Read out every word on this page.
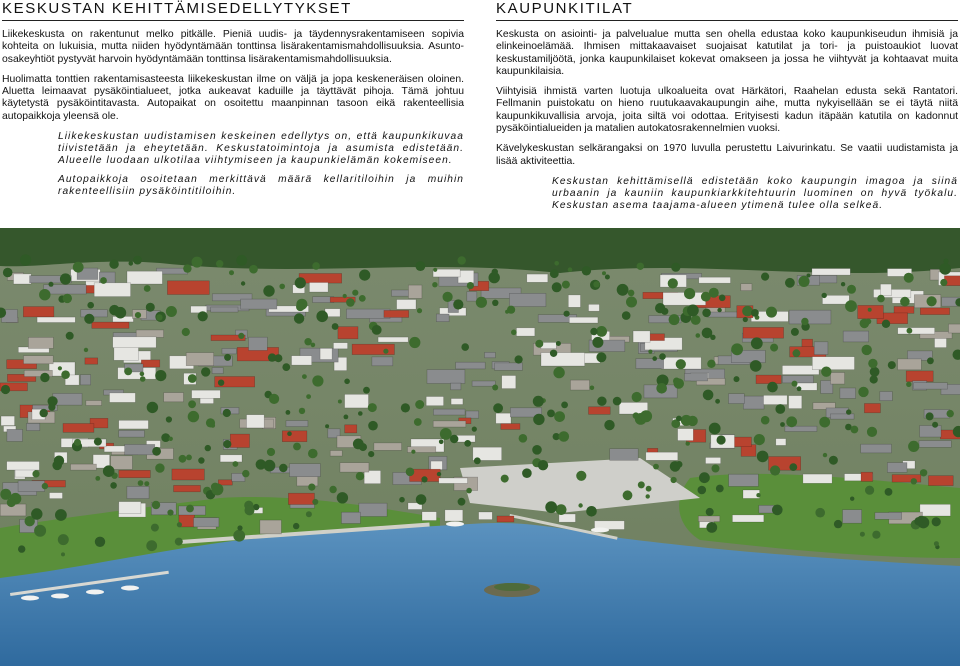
KESKUSTAN KEHITTÄMISEDELLYTYKSET

Liikekeskusta on rakentunut melko pitkälle. Pieniä uudis- ja täydennysrakentamiseen sopivia kohteita on lukuisia, mutta niiden hyödyntämään tonttinsa lisärakentamismahdollisuuksia. Asunto-osakeyhtiöt pystyvät harvoin hyödyntämään tonttinsa lisärakentamismahdollisuuksia.

Huolimatta tonttien rakentamisasteesta liikekeskustan ilme on väljä ja jopa keskeneräisen oloinen. Aluetta leimaavat pysäköintialueet, jotka aukeavat kaduille ja täyttävät pihoja. Tämä johtuu käytetystä pysäköintitavasta. Autopaikat on osoitettu maanpinnan tasoon eikä rakenteellisia autopaikkoja yleensä ole.

Liikekeskustan uudistamisen keskeinen edellytys on, että kaupunkikuvaa tiivistetään ja eheytetään. Keskustatoimintoja ja asumista edistetään. Alueelle luodaan ulkotilaa viihtymiseen ja kaupunkielämän kokemiseen.

Autopaikkoja osoitetaan merkittävä määrä kellaritiloihin ja muihin rakenteellisiin pysäköintitiloihin.

KAUPUNKITILAT

Keskusta on asiointi- ja palvelualue mutta sen ohella edustaa koko kaupunkiseudun ihmisiä ja elinkeinoelämää. Ihmisen mittakaavaiset suojaisat katutilat ja tori- ja puistoaukiot luovat keskustamiljöötä, jonka kaupunkilaiset kokevat omakseen ja jossa he viihtyvät ja kohtaavat muita kaupunkilaisia.

Viihtyisiä ihmistä varten luotuja ulkoalueita ovat Härkätori, Raahelan edusta sekä Rantatori. Fellmanin puistokatu on hieno ruutukaavakaupungin aihe, mutta nykyisellään se ei täytä niitä kaupunkikuvallisia arvoja, joita siltä voi odottaa. Erityisesti kadun itäpään katutila on kadonnut pysäköintialueiden ja matalien autokatosrakennelmien vuoksi.

Kävelykeskustan selkärangaksi on 1970 luvulla perustettu Laivurinkatu. Se vaatii uudistamista ja lisää aktiviteettia.

Keskustan kehittämisellä edistetään koko kaupungin imagoa ja siinä urbaanin ja kauniin kaupunkiarkkitehtuurin luominen on hyvä työkalu. Keskustan asema taajama-alueen ytimenä tulee olla selkeä.
